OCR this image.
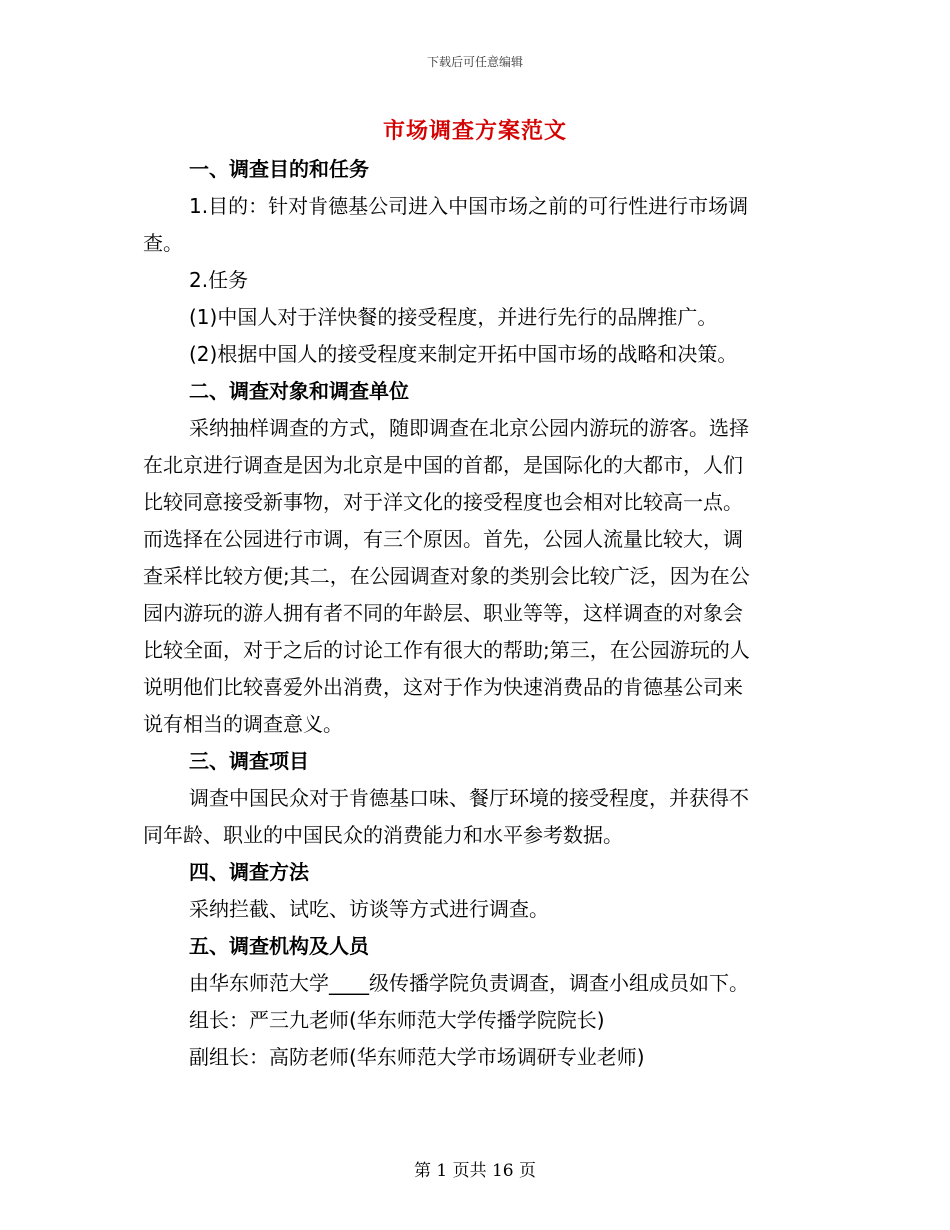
下载后可任意编辑
市场调查方案范文
一、调查目的和任务
1.目的：针对肯德基公司进入中国市场之前的可行性进行市场调
查。
2.任务
(1)中国人对于洋快餐的接受程度，并进行先行的品牌推广。
(2)根据中国人的接受程度来制定开拓中国市场的战略和决策。
二、调查对象和调查单位
采纳抽样调查的方式，随即调查在北京公园内游玩的游客。选择
在北京进行调查是因为北京是中国的首都，是国际化的大都市，人们
比较同意接受新事物，对于洋文化的接受程度也会相对比较高一点。
而选择在公园进行市调，有三个原因。首先，公园人流量比较大，调
查采样比较方便;其二，在公园调查对象的类别会比较广泛，因为在公
园内游玩的游人拥有者不同的年龄层、职业等等，这样调查的对象会
比较全面，对于之后的讨论工作有很大的帮助;第三，在公园游玩的人
说明他们比较喜爱外出消费，这对于作为快速消费品的肯德基公司来
说有相当的调查意义。
三、调查项目
调查中国民众对于肯德基口味、餐厅环境的接受程度，并获得不
同年龄、职业的中国民众的消费能力和水平参考数据。
四、调查方法
采纳拦截、试吃、访谈等方式进行调查。
五、调查机构及人员
由华东师范大学____级传播学院负责调查，调查小组成员如下。
组长：严三九老师(华东师范大学传播学院院长)
副组长：高防老师(华东师范大学市场调研专业老师)
第 1 页共 16 页
